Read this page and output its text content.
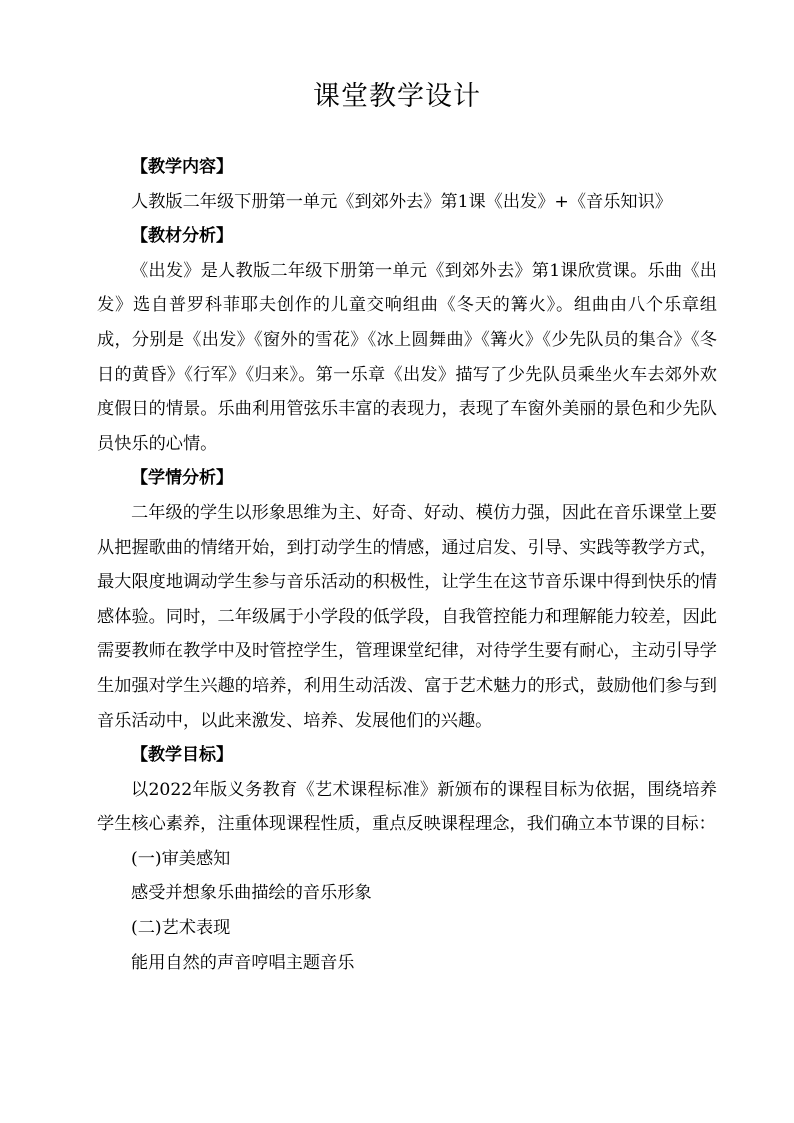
课堂教学设计
【教学内容】
人教版二年级下册第一单元《到郊外去》第1课《出发》+《音乐知识》
【教材分析】
《出发》是人教版二年级下册第一单元《到郊外去》第1课欣赏课。乐曲《出发》选自普罗科菲耶夫创作的儿童交响组曲《冬天的篝火》。组曲由八个乐章组成，分别是《出发》《窗外的雪花》《冰上圆舞曲》《篝火》《少先队员的集合》《冬日的黄昏》《行军》《归来》。第一乐章《出发》描写了少先队员乘坐火车去郊外欢度假日的情景。乐曲利用管弦乐丰富的表现力，表现了车窗外美丽的景色和少先队员快乐的心情。
【学情分析】
二年级的学生以形象思维为主、好奇、好动、模仿力强，因此在音乐课堂上要从把握歌曲的情绪开始，到打动学生的情感，通过启发、引导、实践等教学方式，最大限度地调动学生参与音乐活动的积极性，让学生在这节音乐课中得到快乐的情感体验。同时，二年级属于小学段的低学段，自我管控能力和理解能力较差，因此需要教师在教学中及时管控学生，管理课堂纪律，对待学生要有耐心，主动引导学生加强对学生兴趣的培养，利用生动活泼、富于艺术魅力的形式，鼓励他们参与到音乐活动中，以此来激发、培养、发展他们的兴趣。
【教学目标】
以2022年版义务教育《艺术课程标准》新颁布的课程目标为依据，围绕培养学生核心素养，注重体现课程性质，重点反映课程理念，我们确立本节课的目标：
(一)审美感知
感受并想象乐曲描绘的音乐形象
(二)艺术表现
能用自然的声音哼唱主题音乐
